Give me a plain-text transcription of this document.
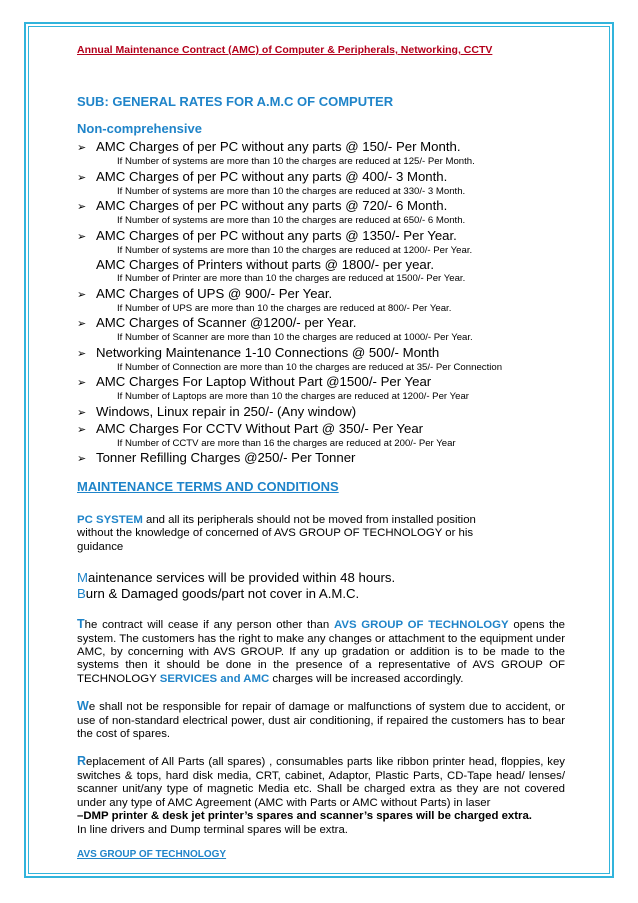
Annual Maintenance Contract (AMC) of Computer & Peripherals, Networking, CCTV
SUB: GENERAL RATES FOR A.M.C OF COMPUTER
Non-comprehensive
➢ AMC Charges of per PC without any parts @ 150/- Per Month.
If Number of systems are more than 10 the charges are reduced at 125/- Per Month.
➢ AMC Charges of per PC without any parts @ 400/- 3 Month.
If Number of systems are more than 10 the charges are reduced at 330/- 3 Month.
➢ AMC Charges of per PC without any parts @ 720/- 6 Month.
If Number of systems are more than 10 the charges are reduced at 650/- 6 Month.
➢ AMC Charges of per PC without any parts @ 1350/- Per Year.
If Number of systems are more than 10 the charges are reduced at 1200/- Per Year.
AMC Charges of Printers without parts @ 1800/- per year.
If Number of Printer are more than 10 the charges are reduced at 1500/- Per Year.
➢ AMC Charges of UPS @ 900/- Per Year.
If Number of UPS are more than 10 the charges are reduced at 800/- Per Year.
➢ AMC Charges of Scanner @1200/- per Year.
If Number of Scanner are more than 10 the charges are reduced at 1000/- Per Year.
➢ Networking Maintenance 1-10 Connections @ 500/- Month
If Number of Connection are more than 10 the charges are reduced at 35/- Per Connection
➢ AMC Charges For Laptop Without Part @1500/- Per Year
If Number of Laptops are more than 10 the charges are reduced at 1200/- Per Year
➢ Windows, Linux repair in 250/- (Any window)
➢ AMC Charges For CCTV Without Part @ 350/- Per Year
If Number of CCTV are more than 16 the charges are reduced at 200/- Per Year
➢ Tonner Refilling Charges @250/- Per Tonner
MAINTENANCE TERMS AND CONDITIONS

PC SYSTEM and all its peripherals should not be moved from installed position
without the knowledge of concerned of AVS GROUP OF TECHNOLOGY or his
guidance

Maintenance services will be provided within 48 hours.
Burn & Damaged goods/part not cover in A.M.C.

The contract will cease if any person other than AVS GROUP OF TECHNOLOGY opens the system. The customers has the right to make any changes or attachment to the equipment under AMC, by concerning with AVS GROUP. If any up gradation or addition is to be made to the systems then it should be done in the presence of a representative of AVS GROUP OF TECHNOLOGY SERVICES and AMC charges will be increased accordingly.

We shall not be responsible for repair of damage or malfunctions of system due to accident, or use of non-standard electrical power, dust air conditioning, if repaired the customers has to bear the cost of spares.

Replacement of All Parts (all spares) , consumables parts like ribbon printer head, floppies, key switches & tops, hard disk media, CRT, cabinet, Adaptor, Plastic Parts, CD-Tape head/ lenses/ scanner unit/any type of magnetic Media etc. Shall be charged extra as they are not covered under any type of AMC Agreement (AMC with Parts or AMC without Parts) in laser
–DMP printer & desk jet printer’s spares and scanner’s spares will be charged extra.
In line drivers and Dump terminal spares will be extra.

AVS GROUP OF TECHNOLOGY
